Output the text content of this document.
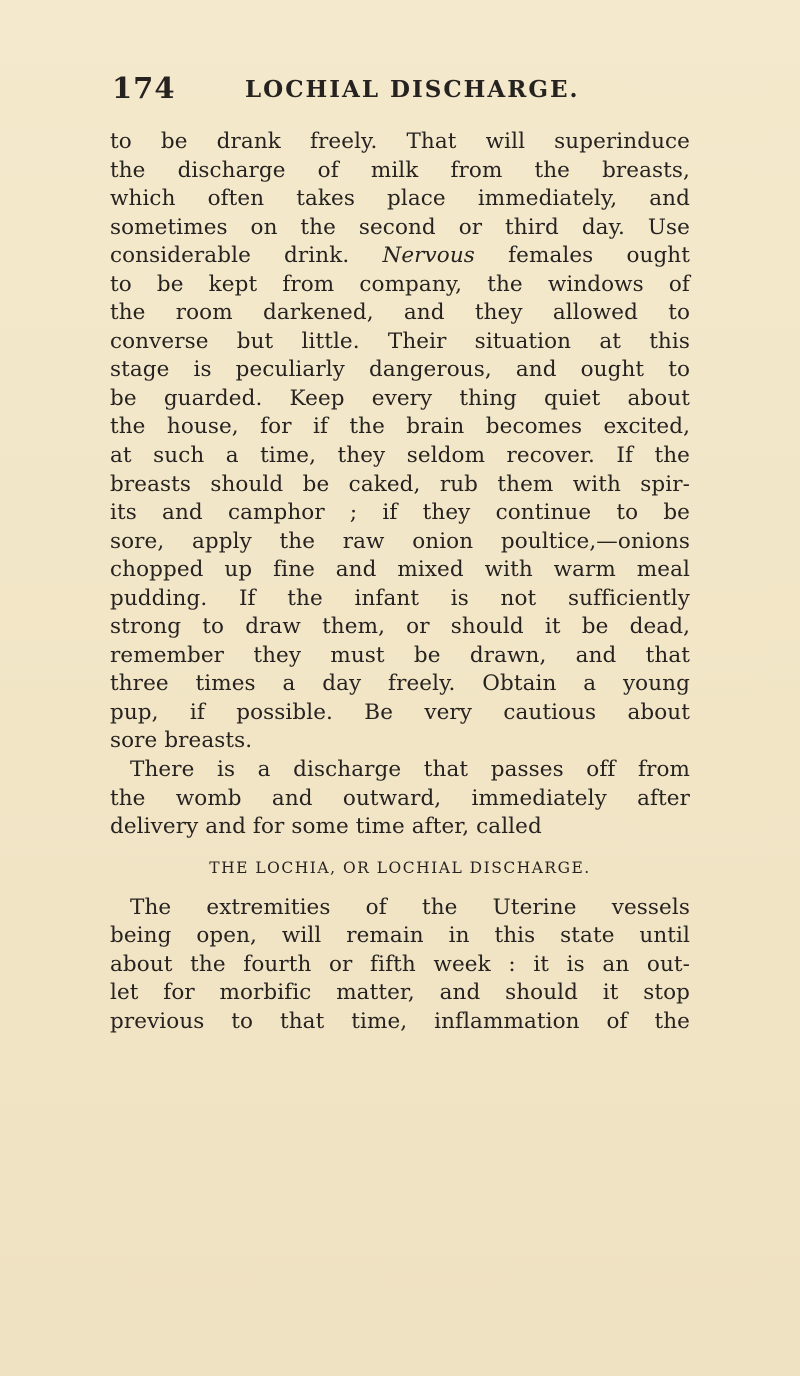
174	LOCHIAL DISCHARGE.
to be drank freely. That will superinduce
the discharge of milk from the breasts,
which often takes place immediately, and
sometimes on the second or third day. Use
considerable drink. Nervous females ought
to be kept from company, the windows of
the room darkened, and they allowed to
converse but little. Their situation at this
stage is peculiarly dangerous, and ought to
be guarded. Keep every thing quiet about
the house, for if the brain becomes excited,
at such a time, they seldom recover. If the
breasts should be caked, rub them with spir-
its and camphor ; if they continue to be
sore, apply the raw onion poultice,—onions
chopped up fine and mixed with warm meal
pudding. If the infant is not sufficiently
strong to draw them, or should it be dead,
remember they must be drawn, and that
three times a day freely. Obtain a young
pup, if possible. Be very cautious about
sore breasts.
There is a discharge that passes off from
the womb and outward, immediately after
delivery and for some time after, called
THE LOCHIA, OR LOCHIAL DISCHARGE.
The extremities of the Uterine vessels
being open, will remain in this state until
about the fourth or fifth week : it is an out-
let for morbific matter, and should it stop
previous to that time, inflammation of the
